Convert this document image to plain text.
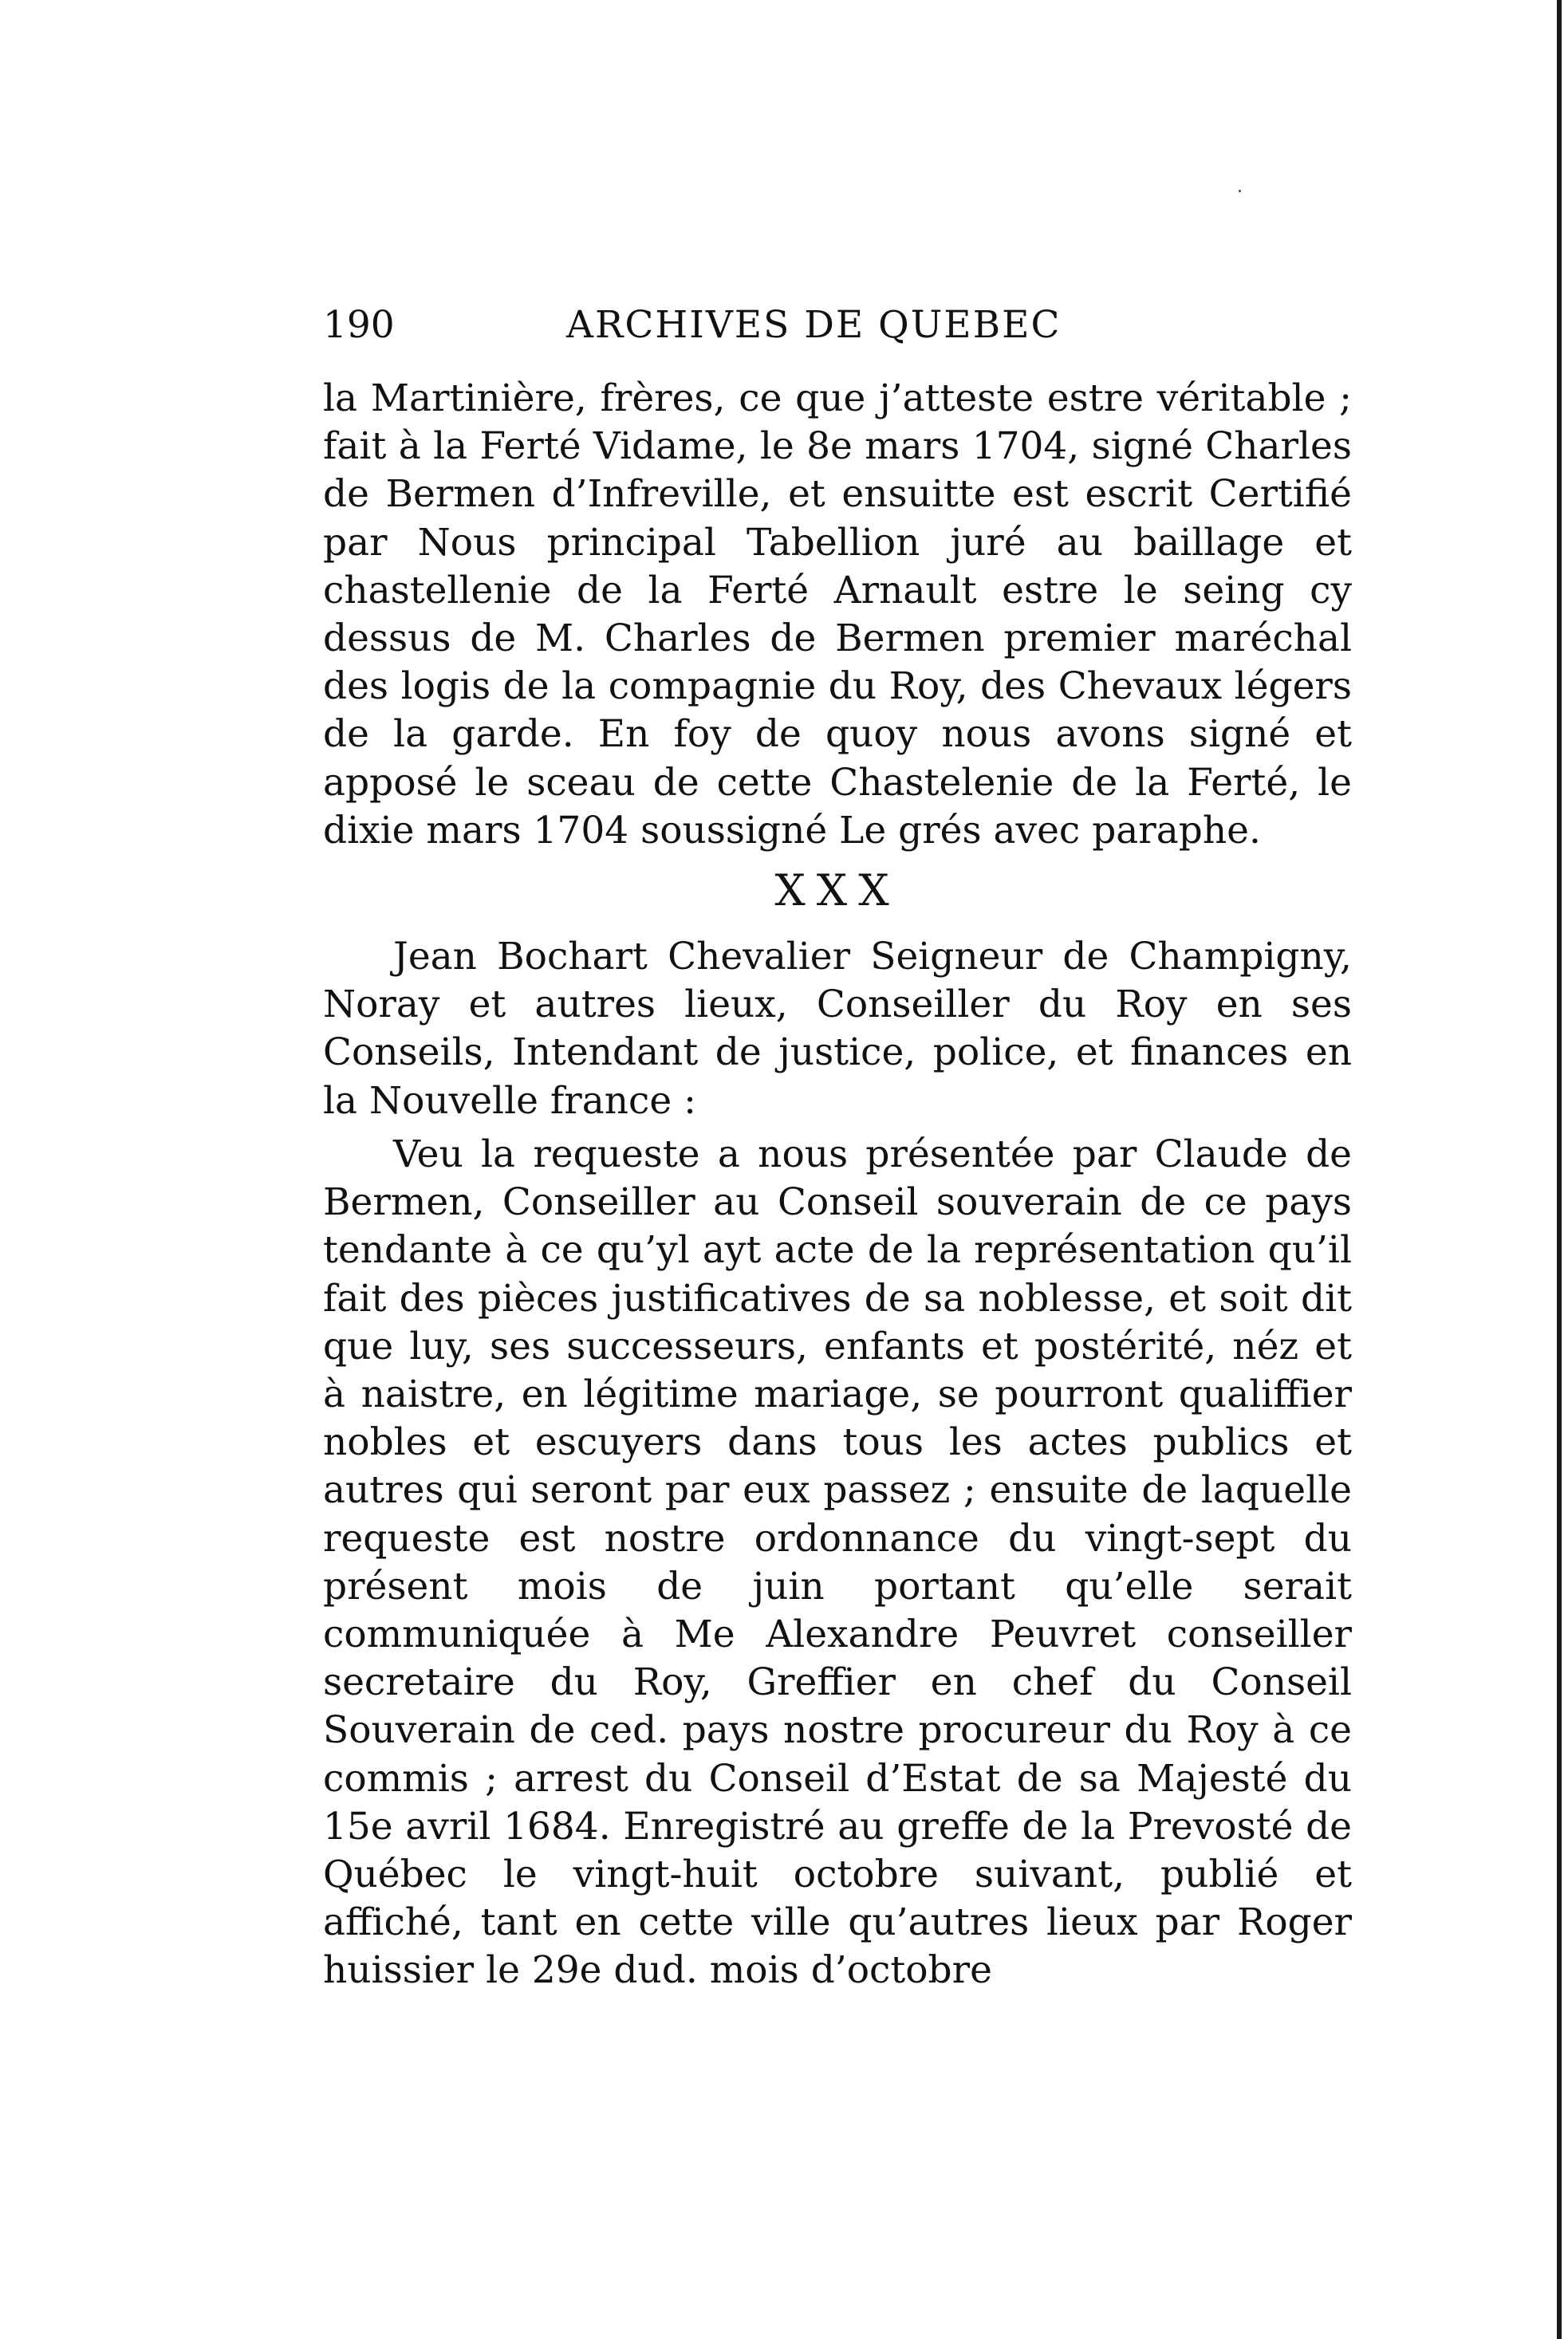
190	ARCHIVES DE QUEBEC

la Martinière, frères, ce que j’atteste estre véritable ; fait à la Ferté Vidame, le 8e mars 1704, signé Charles de Bermen d’Infreville, et ensuitte est escrit Certifié par Nous principal Tabellion juré au baillage et chastellenie de la Ferté Arnault estre le seing cy dessus de M. Charles de Bermen premier maréchal des logis de la compagnie du Roy, des Chevaux légers de la garde. En foy de quoy nous avons signé et apposé le sceau de cette Chastelenie de la Ferté, le dixie mars 1704 soussigné Le grés avec paraphe.

XXX

Jean Bochart Chevalier Seigneur de Champigny, Noray et autres lieux, Conseiller du Roy en ses Conseils, Intendant de justice, police, et finances en la Nouvelle france :

Veu la requeste a nous présentée par Claude de Bermen, Conseiller au Conseil souverain de ce pays tendante à ce qu’yl ayt acte de la représentation qu’il fait des pièces justificatives de sa noblesse, et soit dit que luy, ses successeurs, enfants et postérité, néz et à naistre, en légitime mariage, se pourront qualiffier nobles et escuyers dans tous les actes publics et autres qui seront par eux passez ; ensuite de laquelle requeste est nostre ordonnance du vingt-sept du présent mois de juin portant qu’elle serait communiquée à Me Alexandre Peuvret conseiller secretaire du Roy, Greffier en chef du Conseil Souverain de ced. pays nostre procureur du Roy à ce commis ; arrest du Conseil d’Estat de sa Majesté du 15e avril 1684. Enregistré au greffe de la Prevosté de Québec le vingt-huit octobre suivant, publié et affiché, tant en cette ville qu’autres lieux par Roger huissier le 29e dud. mois d’octobre
